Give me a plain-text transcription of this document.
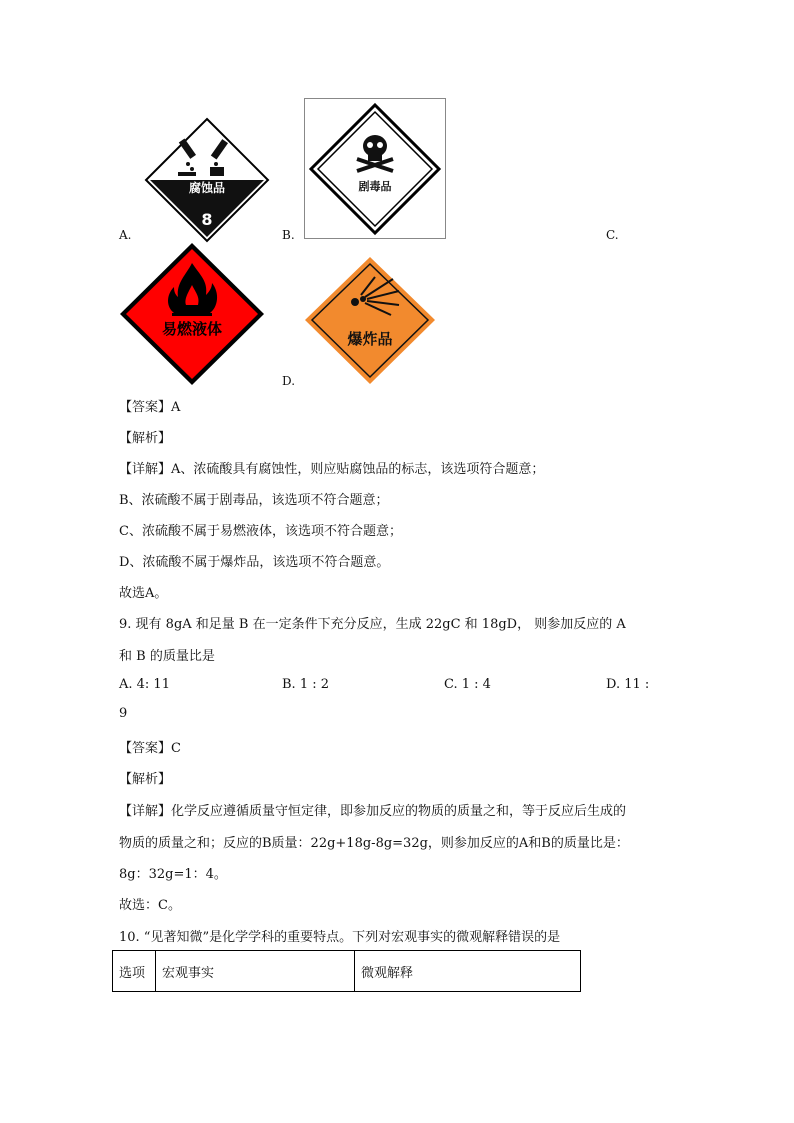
A.	B.	C.
D.
腐蚀品
8
剧毒品
易燃液体
爆炸品
【答案】A
【解析】
【详解】A、浓硫酸具有腐蚀性，则应贴腐蚀品的标志，该选项符合题意；
B、浓硫酸不属于剧毒品，该选项不符合题意；
C、浓硫酸不属于易燃液体，该选项不符合题意；
D、浓硫酸不属于爆炸品，该选项不符合题意。
故选A。
9. 现有 8gA 和足量 B 在一定条件下充分反应，生成 22gC 和 18gD， 则参加反应的 A
和 B 的质量比是
A. 4: 11	B. 1 : 2	C. 1 : 4	D. 11 :
9
【答案】C
【解析】
【详解】化学反应遵循质量守恒定律，即参加反应的物质的质量之和，等于反应后生成的
物质的质量之和；反应的B质量：22g+18g-8g=32g，则参加反应的A和B的质量比是：
8g：32g=1：4。
故选：C。
10. “见著知微”是化学学科的重要特点。下列对宏观事实的微观解释错误的是
选项	宏观事实	微观解释
